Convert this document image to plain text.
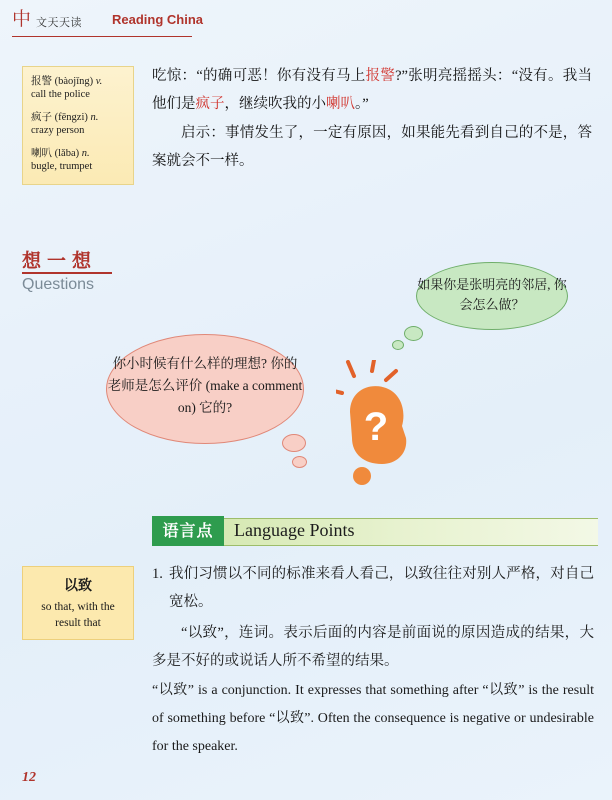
中 文天天读 Reading China
报警 (bàojǐng) v.
call the police
疯子 (fēngzi) n.
crazy person
喇叭 (lǎba) n.
bugle, trumpet

吃惊：“的确可恶！你有没有马上报警?”张明亮摇摇头：“没有。我当他们是疯子，继续吹我的小喇叭。”

启示：事情发生了，一定有原因，如果能先看到自己的不是，答案就会不一样。

想一想
Questions	如果你是张明亮的邻居, 你会怎么做？
你小时候有什么样的理想? 你的老师是怎么评价 (make a comment on) 它的?	?
语言点	Language Points
以致
so that, with the result that

1. 我们习惯以不同的标准来看人看己，以致往往对别人严格，对自己宽松。

“以致”，连词。表示后面的内容是前面说的原因造成的结果，大多是不好的或说话人所不希望的结果。

“以致” is a conjunction. It expresses that something after “以致” is the result of something before “以致”. Often the consequence is negative or undesirable for the speaker.

12
